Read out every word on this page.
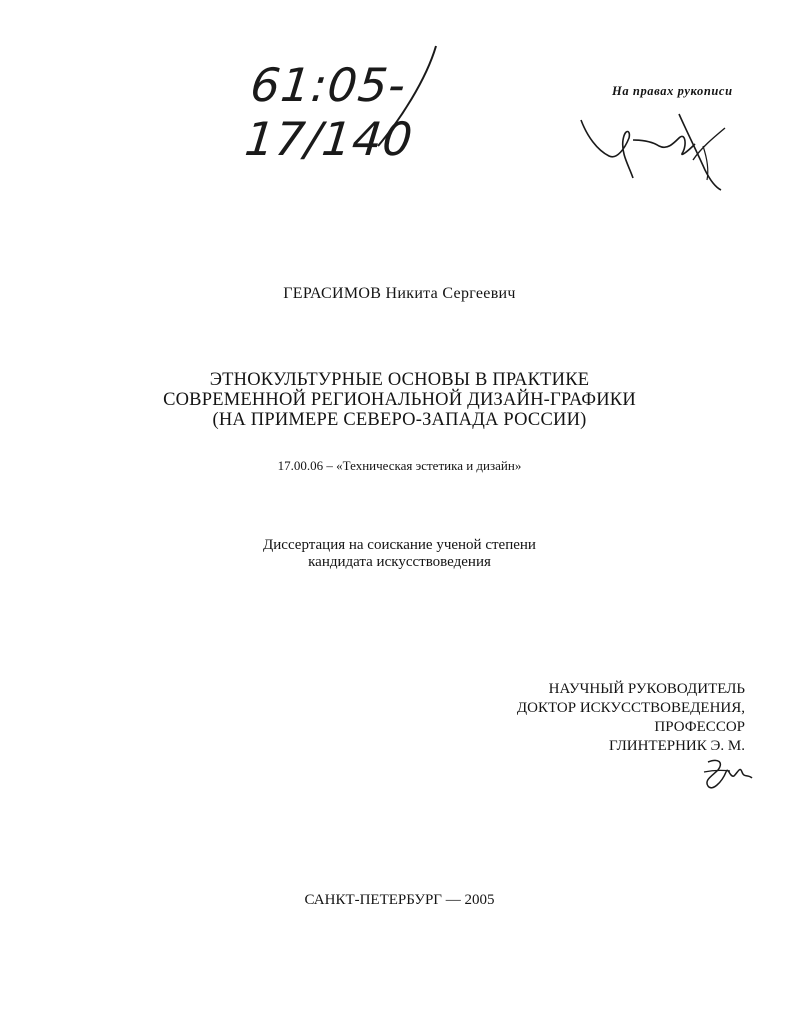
61:05-17/140
На правах рукописи
ГЕРАСИМОВ Никита Сергеевич
ЭТНОКУЛЬТУРНЫЕ ОСНОВЫ В ПРАКТИКЕ
СОВРЕМЕННОЙ РЕГИОНАЛЬНОЙ ДИЗАЙН-ГРАФИКИ
(НА ПРИМЕРЕ СЕВЕРО-ЗАПАДА РОССИИ)
17.00.06 – «Техническая эстетика и дизайн»
Диссертация на соискание ученой степени
кандидата искусствоведения
НАУЧНЫЙ РУКОВОДИТЕЛЬ
ДОКТОР ИСКУССТВОВЕДЕНИЯ,
ПРОФЕССОР
ГЛИНТЕРНИК Э. М.
САНКТ-ПЕТЕРБУРГ — 2005
